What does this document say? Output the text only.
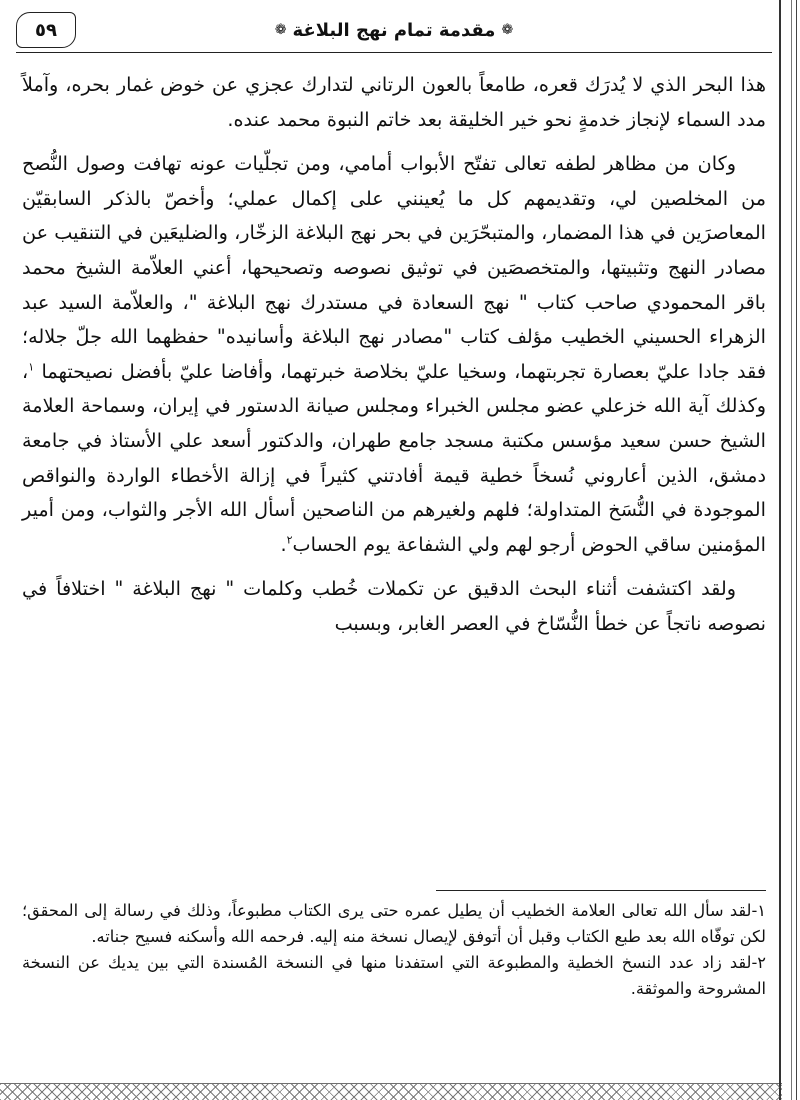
❁
مقدمة تمام نهج البلاغة
❁
٥٩

هذا البحر الذي لا يُدرَك قعره، طامعاً بالعون الرتاني لتدارك عجزي عن خوض غمار بحره، وآملاً مدد السماء لإنجاز خدمةٍ نحو خير الخليقة بعد خاتم النبوة محمد عنده.

وكان من مظاهر لطفه تعالى تفتّح الأبواب أمامي، ومن تجلّيات عونه تهافت وصول النُّصح من المخلصين لي، وتقديمهم كل ما يُعينني على إكمال عملي؛ وأخصّ بالذكر السابقيّن المعاصرَين في هذا المضمار، والمتبحّرَين في بحر نهج البلاغة الزخّار، والضليعَين في التنقيب عن مصادر النهج وتثبيتها، والمتخصصَين في توثيق نصوصه وتصحيحها، أعني العلاّمة الشيخ محمد باقر المحمودي صاحب كتاب " نهج السعادة في مستدرك نهج البلاغة "، والعلاّمة السيد عبد الزهراء الحسيني الخطيب مؤلف كتاب "مصادر نهج البلاغة وأسانيده" حفظهما الله جلّ جلاله؛ فقد جادا عليّ بعصارة تجربتهما، وسخيا عليّ بخلاصة خبرتهما، وأفاضا عليّ بأفضل نصيحتهما $^١$، وكذلك آية الله خزعلي عضو مجلس الخبراء ومجلس صيانة الدستور في إيران، وسماحة العلامة الشيخ حسن سعيد مؤسس مكتبة مسجد جامع طهران، والدكتور أسعد علي الأستاذ في جامعة دمشق، الذين أعاروني نُسخاً خطية قيمة أفادتني كثيراً في إزالة الأخطاء الواردة والنواقص الموجودة في النُّسَخ المتداولة؛ فلهم ولغيرهم من الناصحين أسأل الله الأجر والثواب، ومن أمير المؤمنين ساقي الحوض أرجو لهم ولي الشفاعة يوم الحساب$^٢$.

ولقد اكتشفت أثناء البحث الدقيق عن تكملات خُطب وكلمات " نهج البلاغة " اختلافاً في نصوصه ناتجاً عن خطأ النُّسّاخ في العصر الغابر، وبسبب

١-لقد سأل الله تعالى العلامة الخطيب أن يطيل عمره حتى يرى الكتاب مطبوعاً، وذلك في رسالة إلى المحقق؛ لكن توفّاه الله بعد طبع الكتاب وقبل أن أتوفق لإيصال نسخة منه إليه. فرحمه الله وأسكنه فسيح جناته.

٢-لقد زاد عدد النسخ الخطية والمطبوعة التي استفدنا منها في النسخة المُسندة التي بين يديك عن النسخة المشروحة والموثقة.
